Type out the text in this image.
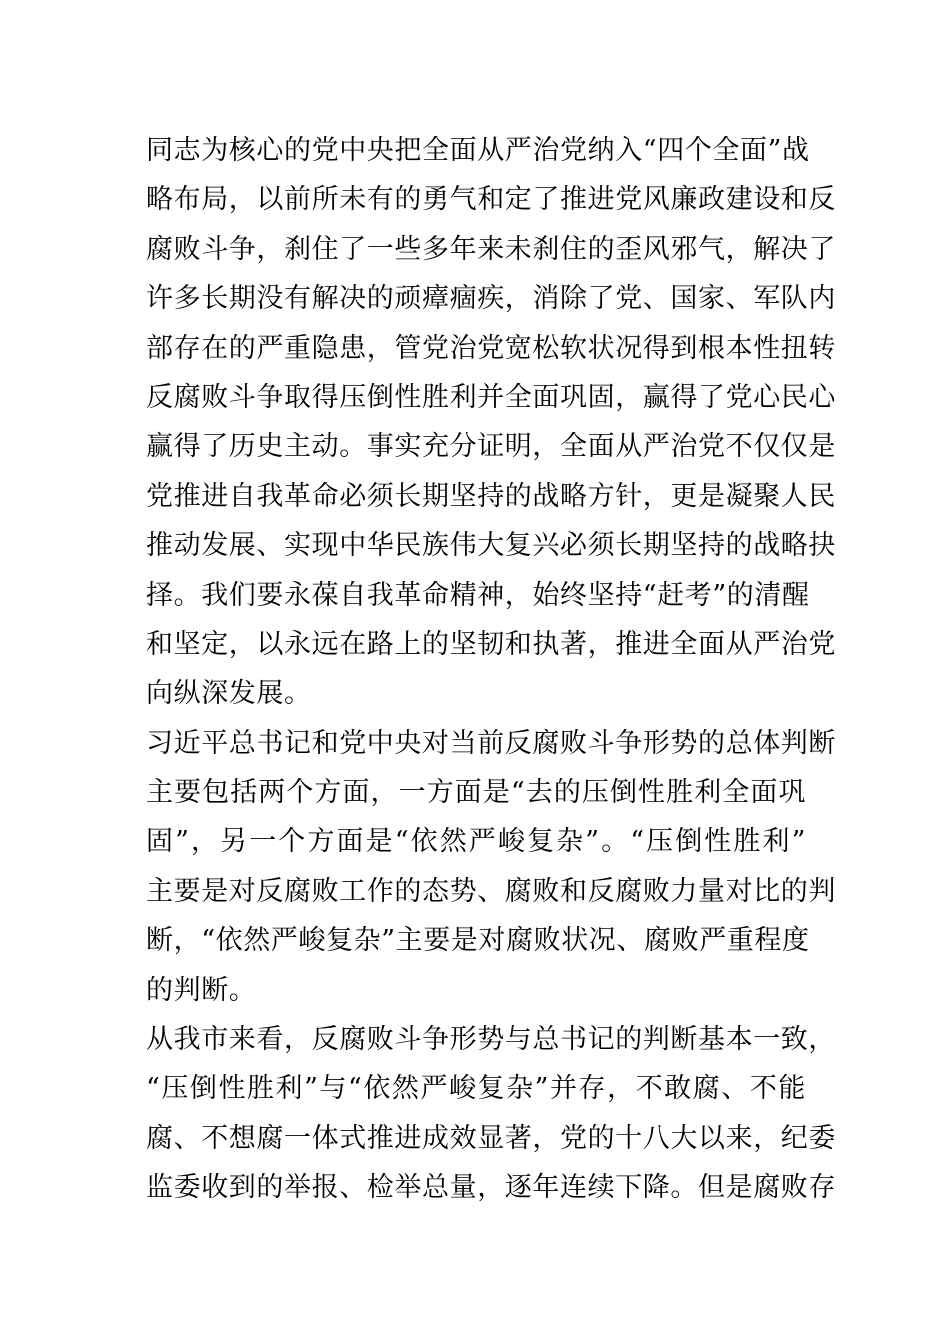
同志为核心的党中央把全面从严治党纳入“四个全面”战
略布局，以前所未有的勇气和定了推进党风廉政建设和反
腐败斗争，刹住了一些多年来未刹住的歪风邪气，解决了
许多长期没有解决的顽瘴痼疾，消除了党、国家、军队内
部存在的严重隐患，管党治党宽松软状况得到根本性扭转
反腐败斗争取得压倒性胜利并全面巩固，赢得了党心民心
赢得了历史主动。事实充分证明，全面从严治党不仅仅是
党推进自我革命必须长期坚持的战略方针，更是凝聚人民
推动发展、实现中华民族伟大复兴必须长期坚持的战略抉
择。我们要永葆自我革命精神，始终坚持“赶考”的清醒
和坚定，以永远在路上的坚韧和执著，推进全面从严治党
向纵深发展。
习近平总书记和党中央对当前反腐败斗争形势的总体判断
主要包括两个方面，一方面是“去的压倒性胜利全面巩
固”，另一个方面是“依然严峻复杂”。“压倒性胜利”
主要是对反腐败工作的态势、腐败和反腐败力量对比的判
断，“依然严峻复杂”主要是对腐败状况、腐败严重程度
的判断。
从我市来看，反腐败斗争形势与总书记的判断基本一致，
“压倒性胜利”与“依然严峻复杂”并存，不敢腐、不能
腐、不想腐一体式推进成效显著，党的十八大以来，纪委
监委收到的举报、检举总量，逐年连续下降。但是腐败存
